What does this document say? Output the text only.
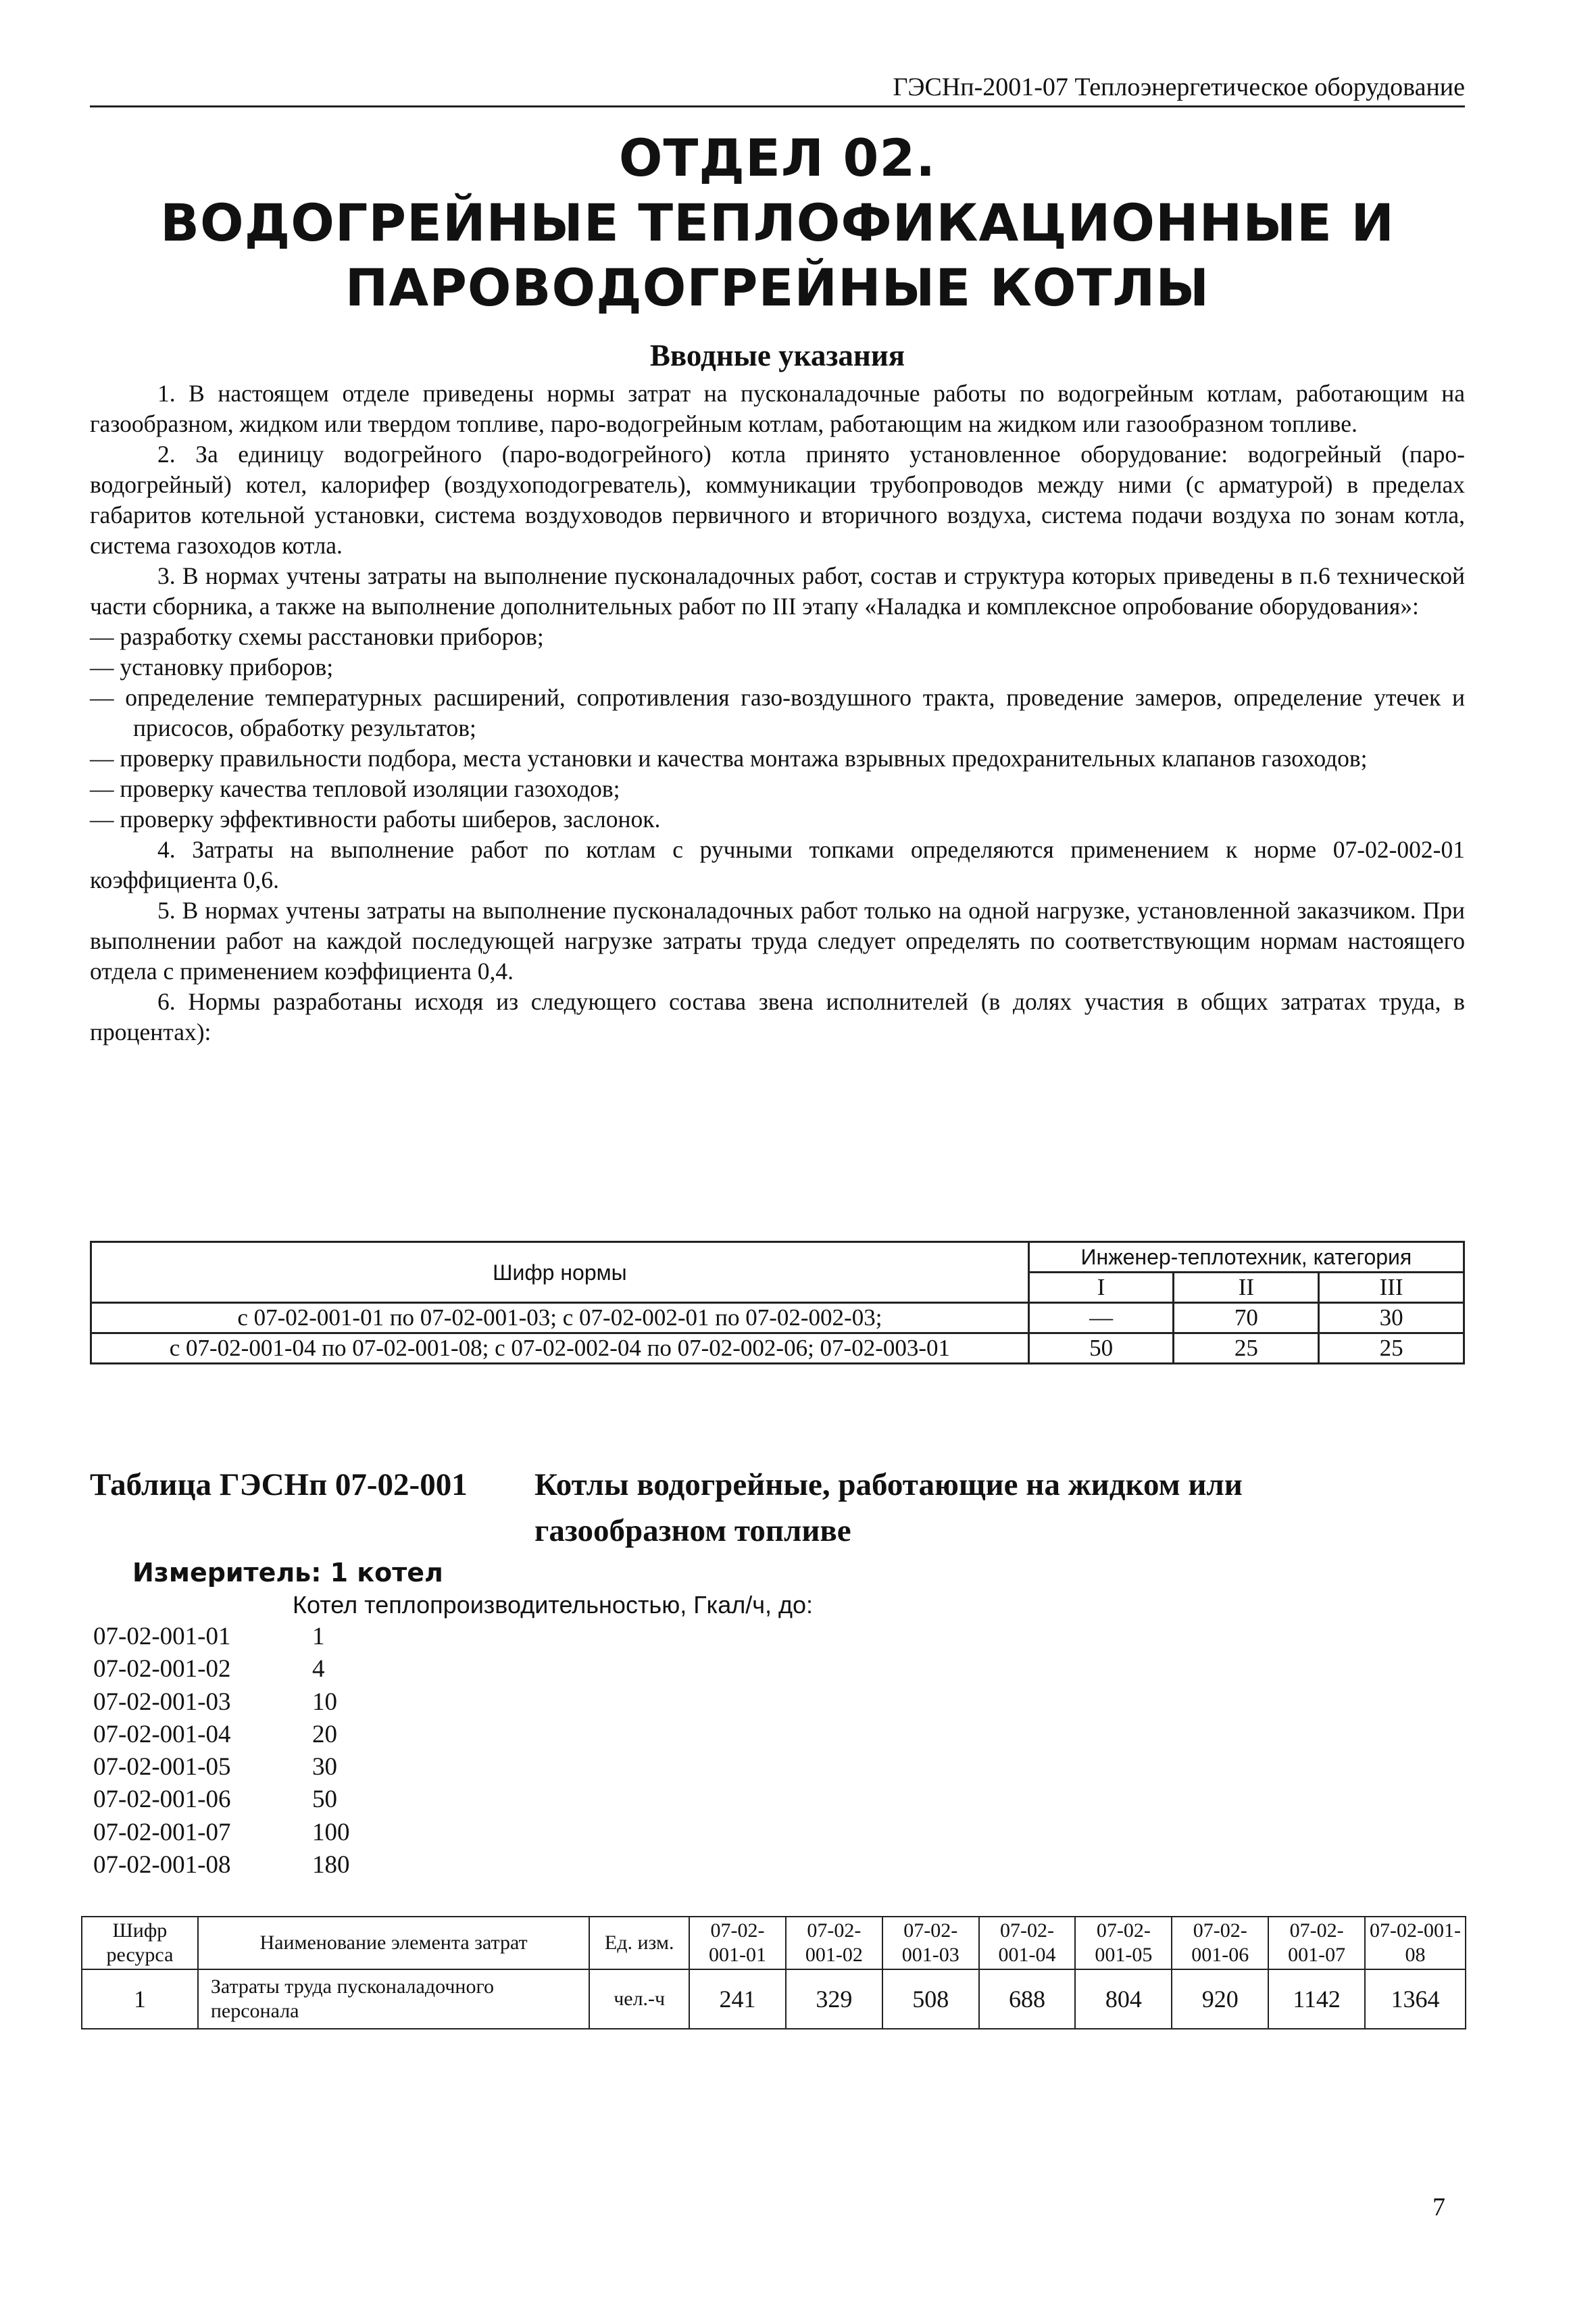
ГЭСНп-2001-07 Теплоэнергетическое оборудование
ОТДЕЛ 02.
ВОДОГРЕЙНЫЕ ТЕПЛОФИКАЦИОННЫЕ И
ПАРОВОДОГРЕЙНЫЕ КОТЛЫ
Вводные указания

1. В настоящем отделе приведены нормы затрат на пусконаладочные работы по водогрейным котлам, работающим на газообразном, жидком или твердом топливе, паро-водогрейным котлам, работающим на жидком или газообразном топливе.

2. За единицу водогрейного (паро-водогрейного) котла принято установленное оборудование: водогрейный (паро-водогрейный) котел, калорифер (воздухоподогреватель), коммуникации трубопроводов между ними (с арматурой) в пределах габаритов котельной установки, система воздуховодов первичного и вторичного воздуха, система подачи воздуха по зонам котла, система газоходов котла.

3. В нормах учтены затраты на выполнение пусконаладочных работ, состав и структура которых приведены в п.6 технической части сборника, а также на выполнение дополнительных работ по III этапу «Наладка и комплексное опробование оборудования»:

— разработку схемы расстановки приборов;

— установку приборов;

— определение температурных расширений, сопротивления газо-воздушного тракта, проведение замеров, определение утечек и присосов, обработку результатов;

— проверку правильности подбора, места установки и качества монтажа взрывных предохранительных клапанов газоходов;

— проверку качества тепловой изоляции газоходов;

— проверку эффективности работы шиберов, заслонок.

4. Затраты на выполнение работ по котлам с ручными топками определяются применением к норме 07-02-002-01 коэффициента 0,6.

5. В нормах учтены затраты на выполнение пусконаладочных работ только на одной нагрузке, установленной заказчиком. При выполнении работ на каждой последующей нагрузке затраты труда следует определять по соответствующим нормам настоящего отдела с применением коэффициента 0,4.

6. Нормы разработаны исходя из следующего состава звена исполнителей (в долях участия в общих затратах труда, в процентах):

Шифр нормы	Инженер-теплотехник, категория		
	I	II	III
с 07-02-001-01 по 07-02-001-03; с 07-02-002-01 по 07-02-002-03;	—	70	30
с 07-02-001-04 по 07-02-001-08; с 07-02-002-04 по 07-02-002-06; 07-02-003-01	50	25	25
Таблица ГЭСНп 07-02-001 Котлы водогрейные, работающие на жидком или газообразном топливе
Измеритель: 1 котел
Котел теплопроизводительностью, Гкал/ч, до:
07-02-001-01	1
07-02-001-02	4
07-02-001-03	10
07-02-001-04	20
07-02-001-05	30
07-02-001-06	50
07-02-001-07	100
07-02-001-08	180
Шифр ресурса	Наименование элемента затрат	Ед. изм.	07-02-001-01	07-02-001-02	07-02-001-03	07-02-001-04	07-02-001-05	07-02-001-06	07-02-001-07	07-02-001-08
1	Затраты труда пусконаладочного персонала	чел.-ч	241	329	508	688	804	920	1142	1364
7
